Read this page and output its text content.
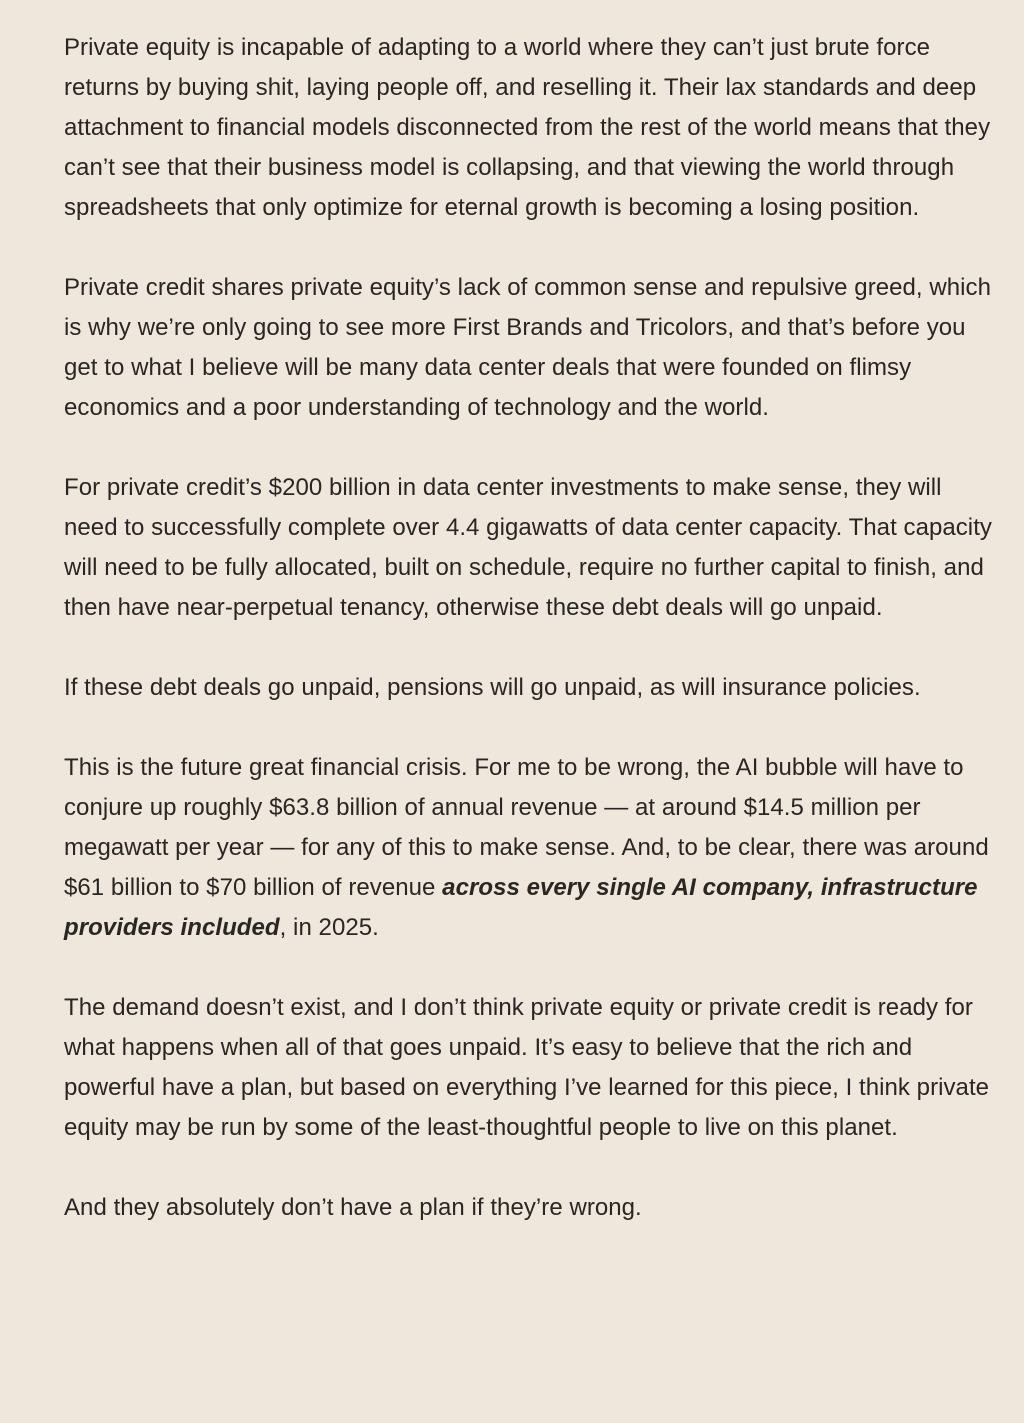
Private equity is incapable of adapting to a world where they can’t just brute force returns by buying shit, laying people off, and reselling it. Their lax standards and deep attachment to financial models disconnected from the rest of the world means that they can’t see that their business model is collapsing, and that viewing the world through spreadsheets that only optimize for eternal growth is becoming a losing position.

Private credit shares private equity’s lack of common sense and repulsive greed, which is why we’re only going to see more First Brands and Tricolors, and that’s before you get to what I believe will be many data center deals that were founded on flimsy economics and a poor understanding of technology and the world.

For private credit’s $200 billion in data center investments to make sense, they will need to successfully complete over 4.4 gigawatts of data center capacity. That capacity will need to be fully allocated, built on schedule, require no further capital to finish, and then have near-perpetual tenancy, otherwise these debt deals will go unpaid.

If these debt deals go unpaid, pensions will go unpaid, as will insurance policies.

This is the future great financial crisis. For me to be wrong, the AI bubble will have to conjure up roughly $63.8 billion of annual revenue — at around $14.5 million per megawatt per year — for any of this to make sense. And, to be clear, there was around $61 billion to $70 billion of revenue across every single AI company, infrastructure providers included, in 2025.

The demand doesn’t exist, and I don’t think private equity or private credit is ready for what happens when all of that goes unpaid. It’s easy to believe that the rich and powerful have a plan, but based on everything I’ve learned for this piece, I think private equity may be run by some of the least-thoughtful people to live on this planet.

And they absolutely don’t have a plan if they’re wrong.
